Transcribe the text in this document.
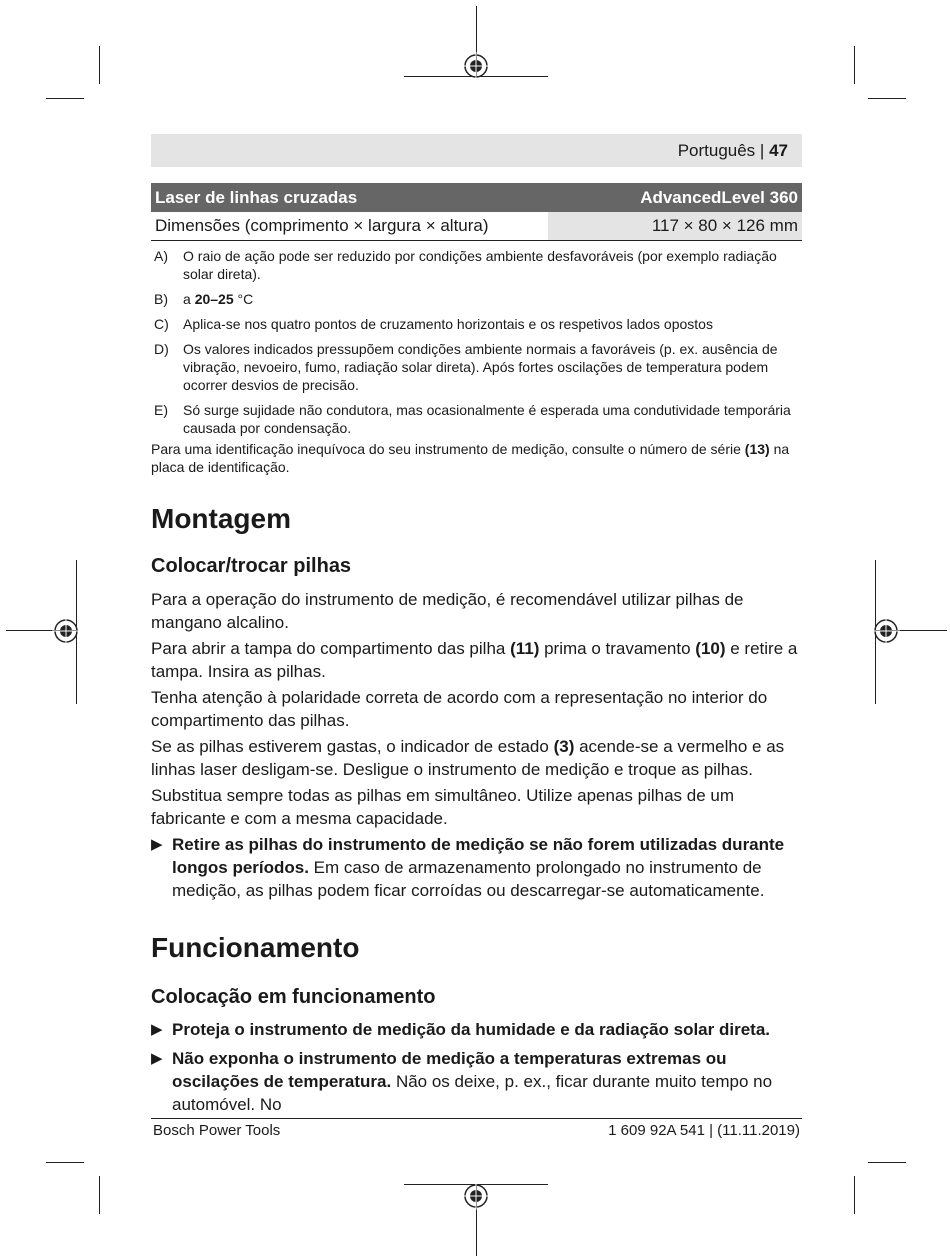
Português | 47
Laser de linhas cruzadas	AdvancedLevel 360
Dimensões (comprimento × largura × altura)	117 × 80 × 126 mm
A) O raio de ação pode ser reduzido por condições ambiente desfavoráveis (por exemplo radiação solar direta).
B) a 20–25 °C
C) Aplica-se nos quatro pontos de cruzamento horizontais e os respetivos lados opostos
D) Os valores indicados pressupõem condições ambiente normais a favoráveis (p. ex. ausência de vibração, nevoeiro, fumo, radiação solar direta). Após fortes oscilações de temperatura podem ocorrer desvios de precisão.
E) Só surge sujidade não condutora, mas ocasionalmente é esperada uma condutividade temporária causada por condensação.
Para uma identificação inequívoca do seu instrumento de medição, consulte o número de série (13) na placa de identificação.
Montagem
Colocar/trocar pilhas

Para a operação do instrumento de medição, é recomendável utilizar pilhas de mangano alcalino.

Para abrir a tampa do compartimento das pilha (11) prima o travamento (10) e retire a tampa. Insira as pilhas.

Tenha atenção à polaridade correta de acordo com a representação no interior do compartimento das pilhas.

Se as pilhas estiverem gastas, o indicador de estado (3) acende-se a vermelho e as linhas laser desligam-se. Desligue o instrumento de medição e troque as pilhas.

Substitua sempre todas as pilhas em simultâneo. Utilize apenas pilhas de um fabricante e com a mesma capacidade.

▶ Retire as pilhas do instrumento de medição se não forem utilizadas durante longos períodos. Em caso de armazenamento prolongado no instrumento de medição, as pilhas podem ficar corroídas ou descarregar-se automaticamente.

Funcionamento
Colocação em funcionamento

▶ Proteja o instrumento de medição da humidade e da radiação solar direta.

▶ Não exponha o instrumento de medição a temperaturas extremas ou oscilações de temperatura. Não os deixe, p. ex., ficar durante muito tempo no automóvel. No

Bosch Power Tools	1 609 92A 541 | (11.11.2019)
